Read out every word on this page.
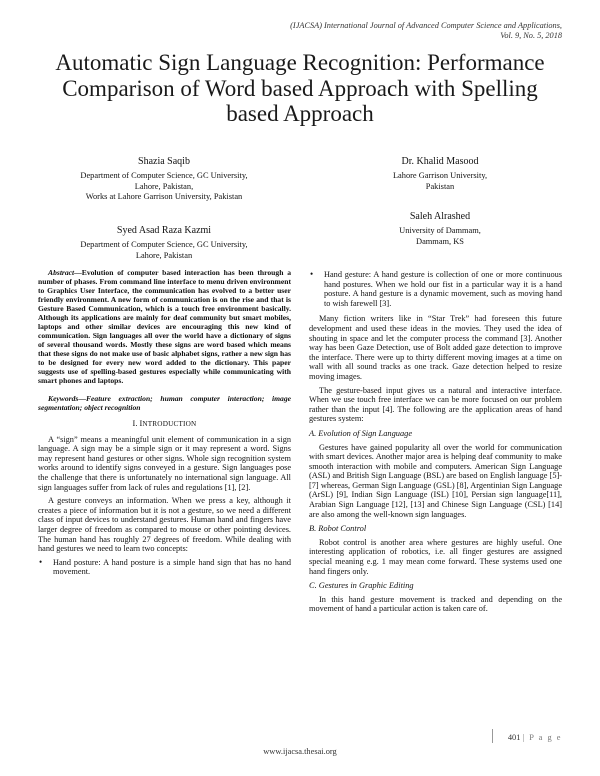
(IJACSA) International Journal of Advanced Computer Science and Applications,
Vol. 9, No. 5, 2018
Automatic Sign Language Recognition: Performance
Comparison of Word based Approach with Spelling
based Approach
Shazia Saqib
Department of Computer Science, GC University,
Lahore, Pakistan,
Works at Lahore Garrison University, Pakistan
Syed Asad Raza Kazmi
Department of Computer Science, GC University,
Lahore, Pakistan
Dr. Khalid Masood
Lahore Garrison University,
Pakistan
Saleh Alrashed
University of Dammam,
Dammam, KS

Abstract—Evolution of computer based interaction has been through a number of phases. From command line interface to menu driven environment to Graphics User Interface, the communication has evolved to a better user friendly environment. A new form of communication is on the rise and that is Gesture Based Communication, which is a touch free environment basically. Although its applications are mainly for deaf community but smart mobiles, laptops and other similar devices are encouraging this new kind of communication. Sign languages all over the world have a dictionary of signs of several thousand words. Mostly these signs are word based which means that these signs do not make use of basic alphabet signs, rather a new sign has to be designed for every new word added to the dictionary. This paper suggests use of spelling-based gestures especially while communicating with smart phones and laptops.

Keywords—Feature extraction; human computer interaction; image segmentation; object recognition

I. INTRODUCTION

A “sign” means a meaningful unit element of communication in a sign language. A sign may be a simple sign or it may represent a word. Signs may represent hand gestures or other signs. Whole sign recognition system works around to identify signs conveyed in a gesture. Sign languages pose the challenge that there is unfortunately no international sign language. All sign languages suffer from lack of rules and regulations [1], [2].

A gesture conveys an information. When we press a key, although it creates a piece of information but it is not a gesture, so we need a different class of input devices to understand gestures. Human hand and fingers have larger degree of freedom as compared to mouse or other pointing devices. The human hand has roughly 27 degrees of freedom. While dealing with hand gestures we need to learn two concepts:

•	Hand posture: A hand posture is a simple hand sign that has no hand movement.
•	Hand gesture: A hand gesture is collection of one or more continuous hand postures. When we hold our fist in a particular way it is a hand posture. A hand gesture is a dynamic movement, such as moving hand to wish farewell [3].

Many fiction writers like in “Star Trek” had foreseen this future development and used these ideas in the movies. They used the idea of shouting in space and let the computer process the command [3]. Another way has been Gaze Detection, use of Bolt added gaze detection to improve the interface. There were up to thirty different moving images at a time on wall with all sound tracks as one track. Gaze detection helped to resize moving images.

The gesture-based input gives us a natural and interactive interface. When we use touch free interface we can be more focused on our problem rather than the input [4]. The following are the application areas of hand gestures system:

A. Evolution of Sign Language

Gestures have gained popularity all over the world for communication with smart devices. Another major area is helping deaf community to make smooth interaction with mobile and computers. American Sign Language (ASL) and British Sign Language (BSL) are based on English language [5]-[7] whereas, German Sign Language (GSL) [8], Argentinian Sign Language (ArSL) [9], Indian Sign Language (ISL) [10], Persian sign language[11], Arabian Sign Language [12], [13] and Chinese Sign Language (CSL) [14] are also among the well-known sign languages.

B. Robot Control

Robot control is another area where gestures are highly useful. One interesting application of robotics, i.e. all finger gestures are assigned special meaning e.g. 1 may mean come forward. These systems used one hand fingers only.

C. Gestures in Graphic Editing

In this hand gesture movement is tracked and depending on the movement of hand a particular action is taken care of.

401 | P a g e
www.ijacsa.thesai.org
